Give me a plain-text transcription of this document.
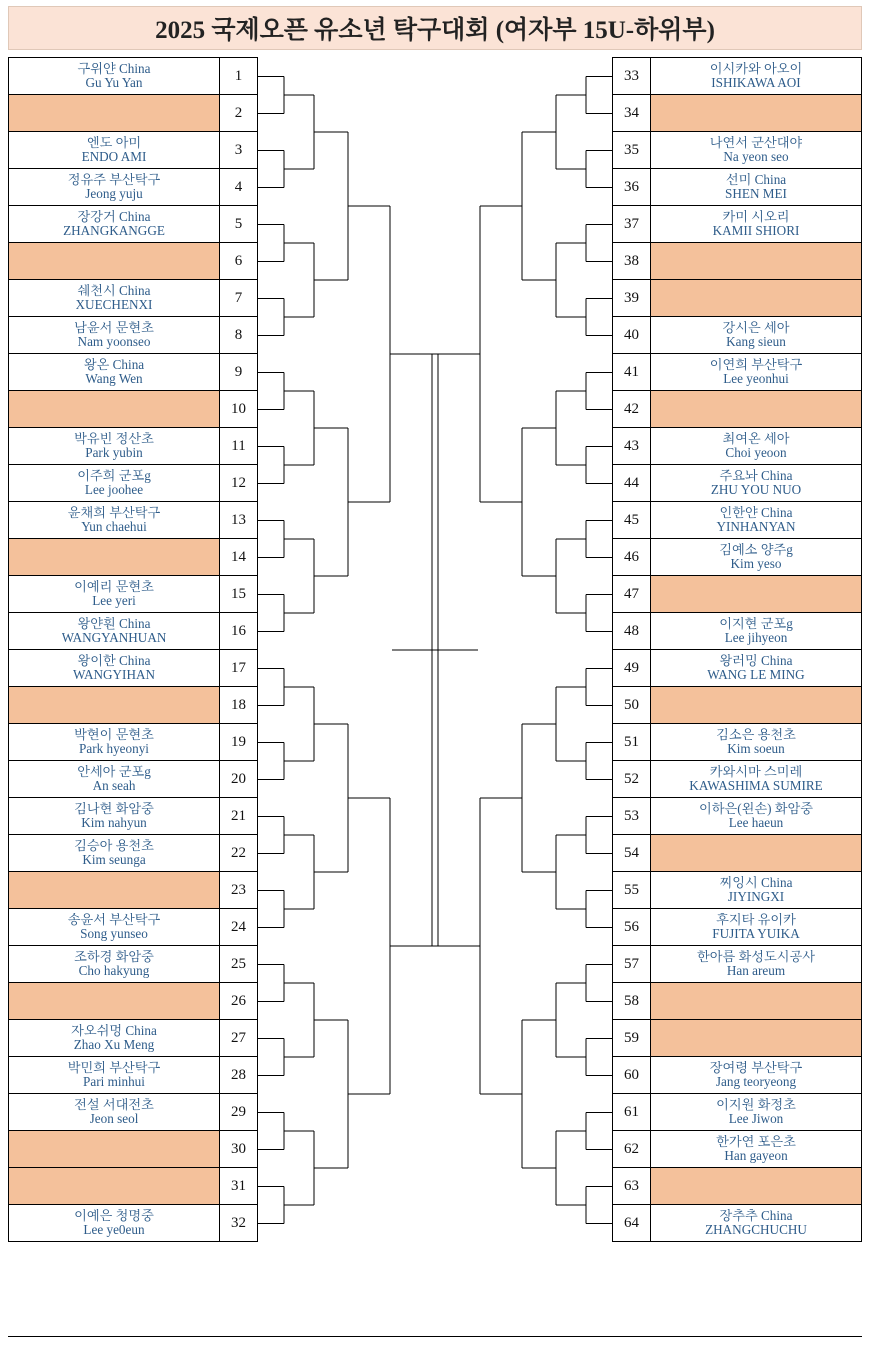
2025 국제오픈 유소년 탁구대회 (여자부 15U-하위부)
구위얀 China
Gu Yu Yan	1
2
엔도 아미
ENDO AMI	3
정유주 부산탁구
Jeong yuju	4
장강거 China
ZHANGKANGGE	5
6
쉐천시 China
XUECHENXI	7
남윤서 문현초
Nam yoonseo	8
왕온 China
Wang Wen	9
10
박유빈 정산초
Park yubin	11
이주희 군포g
Lee joohee	12
윤채희 부산탁구
Yun chaehui	13
14
이예리 문현초
Lee yeri	15
왕얀훤 China
WANGYANHUAN	16
왕이한 China
WANGYIHAN	17
18
박현이 문현초
Park hyeonyi	19
안세아 군포g
An seah	20
김나현 화암중
Kim nahyun	21
김승아 용천초
Kim seunga	22
23
송윤서 부산탁구
Song yunseo	24
조하경 화암중
Cho hakyung	25
26
자오쉬멍 China
Zhao Xu Meng	27
박민희 부산탁구
Pari minhui	28
전설 서대전초
Jeon seol	29
30
31
이예은 청명중
Lee ye0eun	32
이시카와 아오이
ISHIKAWA AOI
33
34
나연서 군산대야
Na yeon seo
35
선미 China
SHEN MEI
36
카미 시오리
KAMII SHIORI
37
38
39
강시은 세아
Kang sieun
40
이연희 부산탁구
Lee yeonhui
41
42
최여온 세아
Choi yeoon
43
주요놔 China
ZHU YOU NUO
44
인한얀 China
YINHANYAN
45
김예소 양주g
Kim yeso
46
47
이지현 군포g
Lee jihyeon
48
왕러밍 China
WANG LE MING
49
50
김소은 용천초
Kim soeun
51
카와시마 스미레
KAWASHIMA SUMIRE
52
이하은(왼손) 화암중
Lee haeun
53
54
찌잉시 China
JIYINGXI
55
후지타 유이카
FUJITA YUIKA
56
한아름 화성도시공사
Han areum
57
58
59
장여령 부산탁구
Jang teoryeong
60
이지원 화정초
Lee Jiwon
61
한가연 포은초
Han gayeon
62
63
장추추 China
ZHANGCHUCHU
64
